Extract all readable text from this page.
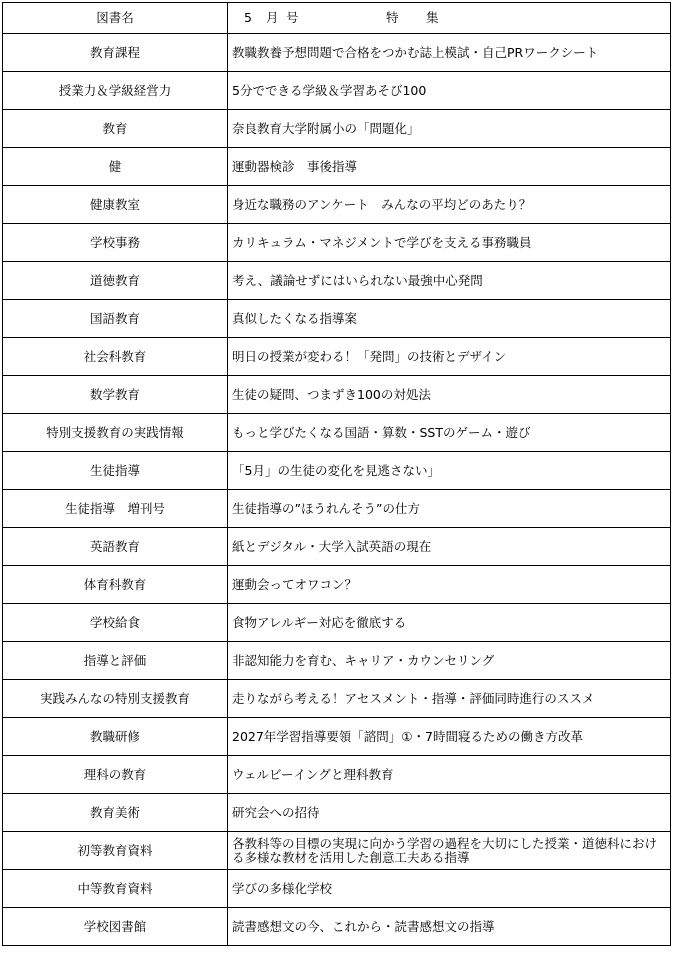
図書名	5 月 号 特 集
教育課程	教職教養予想問題で合格をつかむ誌上模試・自己PRワークシート
授業力＆学級経営力	5分でできる学級＆学習あそび100
教育	奈良教育大学附属小の「問題化」
健	運動器検診　事後指導
健康教室	身近な職務のアンケート　みんなの平均どのあたり？
学校事務	カリキュラム・マネジメントで学びを支える事務職員
道徳教育	考え、議論せずにはいられない最強中心発問
国語教育	真似したくなる指導案
社会科教育	明日の授業が変わる！「発問」の技術とデザイン
数学教育	生徒の疑問、つまずき100の対処法
特別支援教育の実践情報	もっと学びたくなる国語・算数・SSTのゲーム・遊び
生徒指導	「5月」の生徒の変化を見逃さない」
生徒指導　増刊号	生徒指導の”ほうれんそう”の仕方
英語教育	紙とデジタル・大学入試英語の現在
体育科教育	運動会ってオワコン？
学校給食	食物アレルギー対応を徹底する
指導と評価	非認知能力を育む、キャリア・カウンセリング
実践みんなの特別支援教育	走りながら考える！アセスメント・指導・評価同時進行のススメ
教職研修	2027年学習指導要領「諮問」①・7時間寝るための働き方改革
理科の教育	ウェルビーイングと理科教育
教育美術	研究会への招待
初等教育資料	各教科等の目標の実現に向かう学習の過程を大切にした授業・道徳科における多様な教材を活用した創意工夫ある指導
中等教育資料	学びの多様化学校
学校図書館	読書感想文の今、これから・読書感想文の指導
